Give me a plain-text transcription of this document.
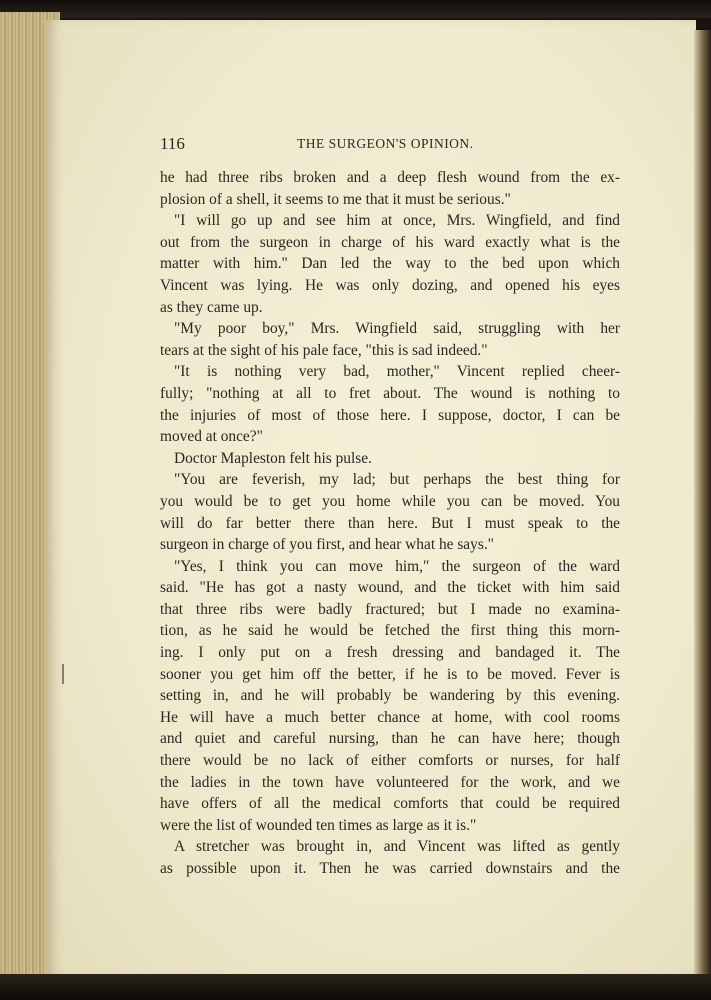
116	THE SURGEON'S OPINION.
he had three ribs broken and a deep flesh wound from the ex-
plosion of a shell, it seems to me that it must be serious."
"I will go up and see him at once, Mrs. Wingfield, and find
out from the surgeon in charge of his ward exactly what is the
matter with him." Dan led the way to the bed upon which
Vincent was lying. He was only dozing, and opened his eyes
as they came up.
"My poor boy," Mrs. Wingfield said, struggling with her
tears at the sight of his pale face, "this is sad indeed."
"It is nothing very bad, mother," Vincent replied cheer-
fully; "nothing at all to fret about. The wound is nothing to
the injuries of most of those here. I suppose, doctor, I can be
moved at once?"
Doctor Mapleston felt his pulse.
"You are feverish, my lad; but perhaps the best thing for
you would be to get you home while you can be moved. You
will do far better there than here. But I must speak to the
surgeon in charge of you first, and hear what he says."
"Yes, I think you can move him," the surgeon of the ward
said. "He has got a nasty wound, and the ticket with him said
that three ribs were badly fractured; but I made no examina-
tion, as he said he would be fetched the first thing this morn-
ing. I only put on a fresh dressing and bandaged it. The
sooner you get him off the better, if he is to be moved. Fever is
setting in, and he will probably be wandering by this evening.
He will have a much better chance at home, with cool rooms
and quiet and careful nursing, than he can have here; though
there would be no lack of either comforts or nurses, for half
the ladies in the town have volunteered for the work, and we
have offers of all the medical comforts that could be required
were the list of wounded ten times as large as it is."
A stretcher was brought in, and Vincent was lifted as gently
as possible upon it. Then he was carried downstairs and the
